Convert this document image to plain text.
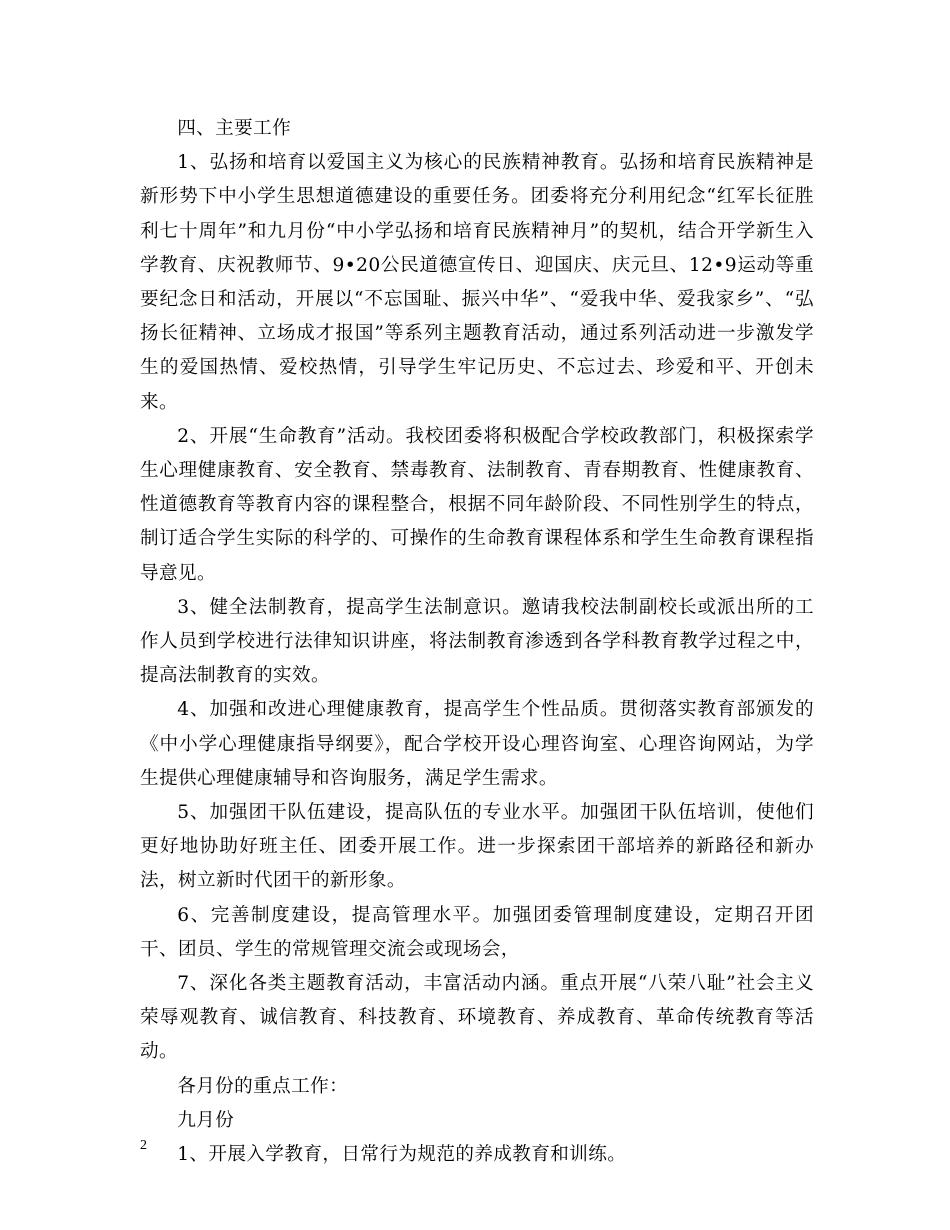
四、主要工作

1、弘扬和培育以爱国主义为核心的民族精神教育。弘扬和培育民族精神是新形势下中小学生思想道德建设的重要任务。团委将充分利用纪念“红军长征胜利七十周年”和九月份“中小学弘扬和培育民族精神月”的契机，结合开学新生入学教育、庆祝教师节、9•20公民道德宣传日、迎国庆、庆元旦、12•9运动等重要纪念日和活动，开展以“不忘国耻、振兴中华”、“爱我中华、爱我家乡”、“弘扬长征精神、立场成才报国”等系列主题教育活动，通过系列活动进一步激发学生的爱国热情、爱校热情，引导学生牢记历史、不忘过去、珍爱和平、开创未来。

2、开展“生命教育”活动。我校团委将积极配合学校政教部门，积极探索学生心理健康教育、安全教育、禁毒教育、法制教育、青春期教育、性健康教育、性道德教育等教育内容的课程整合，根据不同年龄阶段、不同性别学生的特点，制订适合学生实际的科学的、可操作的生命教育课程体系和学生生命教育课程指导意见。

3、健全法制教育，提高学生法制意识。邀请我校法制副校长或派出所的工作人员到学校进行法律知识讲座，将法制教育渗透到各学科教育教学过程之中，提高法制教育的实效。

4、加强和改进心理健康教育，提高学生个性品质。贯彻落实教育部颁发的《中小学心理健康指导纲要》，配合学校开设心理咨询室、心理咨询网站，为学生提供心理健康辅导和咨询服务，满足学生需求。

5、加强团干队伍建设，提高队伍的专业水平。加强团干队伍培训，使他们更好地协助好班主任、团委开展工作。进一步探索团干部培养的新路径和新办法，树立新时代团干的新形象。

6、完善制度建设，提高管理水平。加强团委管理制度建设，定期召开团干、团员、学生的常规管理交流会或现场会，

7、深化各类主题教育活动，丰富活动内涵。重点开展“八荣八耻”社会主义荣辱观教育、诚信教育、科技教育、环境教育、养成教育、革命传统教育等活动。

各月份的重点工作：

九月份

1、开展入学教育，日常行为规范的养成教育和训练。

2
